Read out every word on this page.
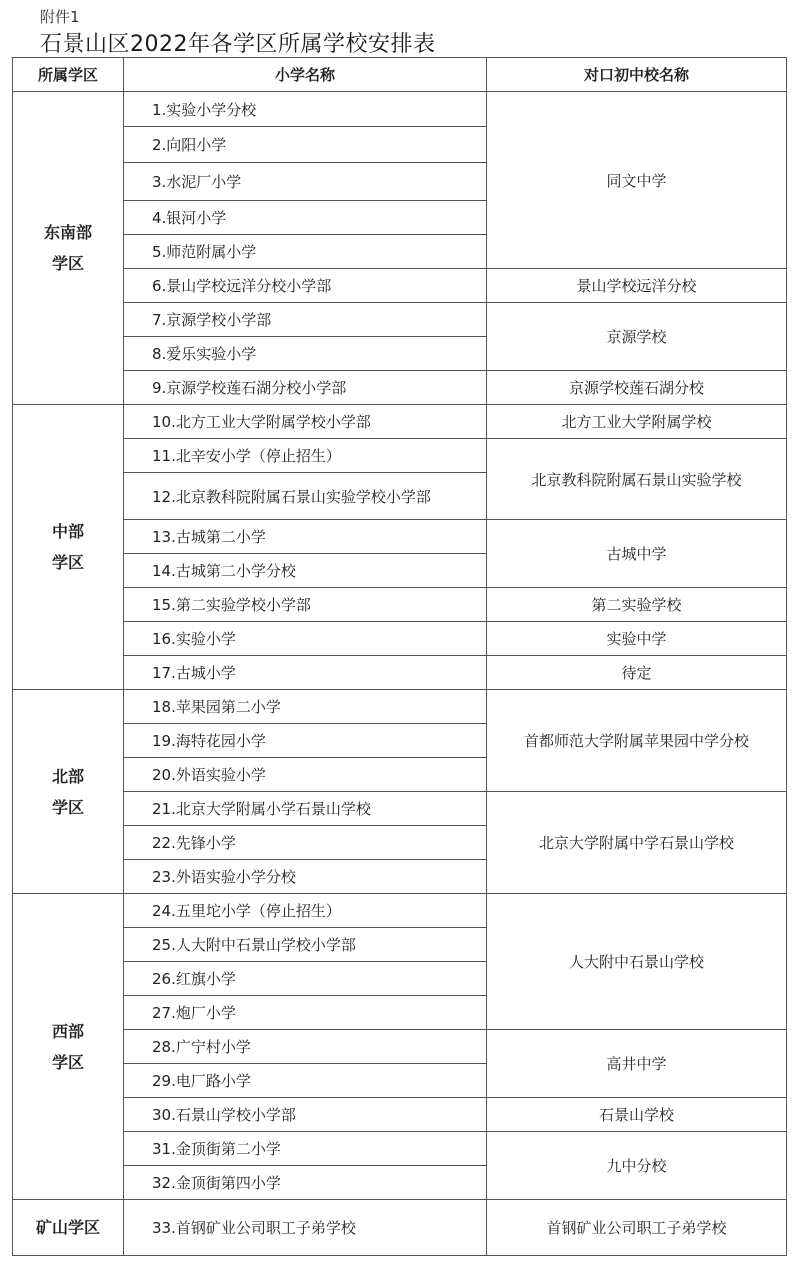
附件1
石景山区2022年各学区所属学校安排表
所属学区	小学名称	对口初中校名称
东南部
学区	1.实验小学分校	同文中学
	2.向阳小学	
	3.水泥厂小学	
	4.银河小学	
	5.师范附属小学	
	6.景山学校远洋分校小学部	景山学校远洋分校
	7.京源学校小学部	京源学校
	8.爱乐实验小学	
	9.京源学校莲石湖分校小学部	京源学校莲石湖分校
中部
学区	10.北方工业大学附属学校小学部	北方工业大学附属学校
	11.北辛安小学（停止招生）	北京教科院附属石景山实验学校
	12.北京教科院附属石景山实验学校小学部	
	13.古城第二小学	古城中学
	14.古城第二小学分校	
	15.第二实验学校小学部	第二实验学校
	16.实验小学	实验中学
	17.古城小学	待定
北部
学区	18.苹果园第二小学	首都师范大学附属苹果园中学分校
	19.海特花园小学	
	20.外语实验小学	
	21.北京大学附属小学石景山学校	北京大学附属中学石景山学校
	22.先锋小学	
	23.外语实验小学分校	
西部
学区	24.五里坨小学（停止招生）	人大附中石景山学校
	25.人大附中石景山学校小学部	
	26.红旗小学	
	27.炮厂小学	
	28.广宁村小学	高井中学
	29.电厂路小学	
	30.石景山学校小学部	石景山学校
	31.金顶街第二小学	九中分校
	32.金顶街第四小学	
矿山学区	33.首钢矿业公司职工子弟学校	首钢矿业公司职工子弟学校
